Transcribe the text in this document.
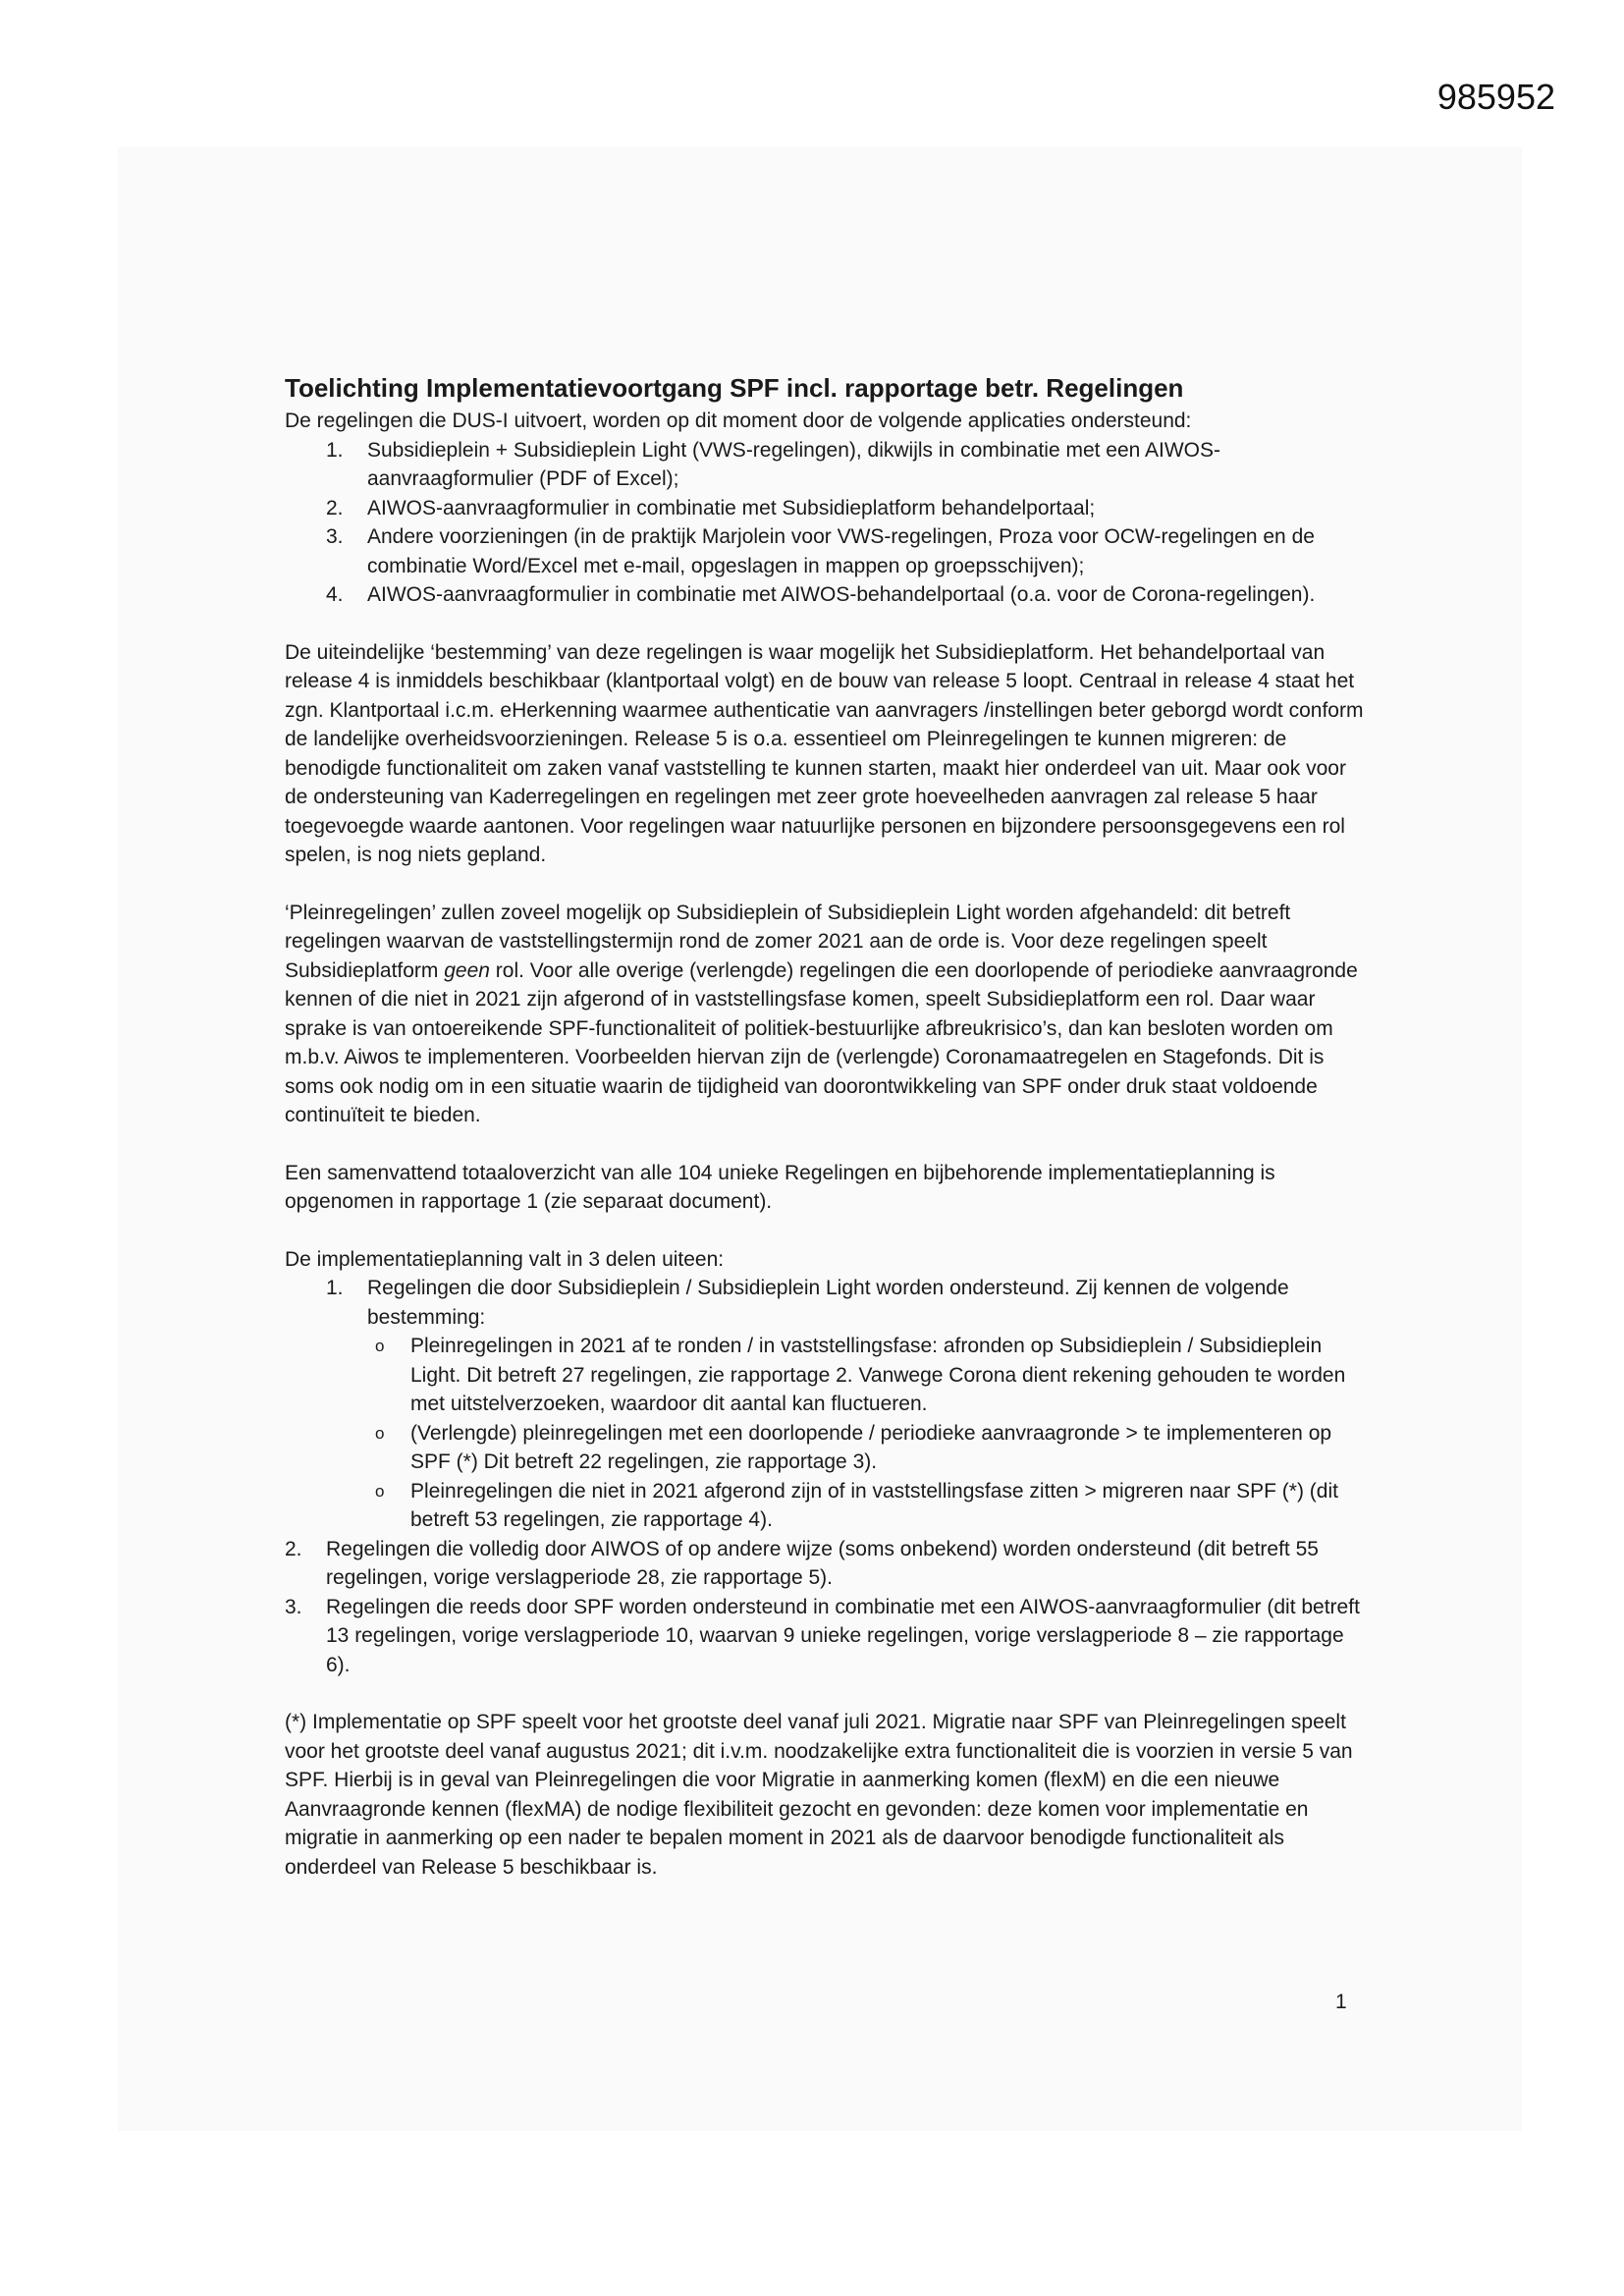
985952

Toelichting Implementatievoortgang SPF incl. rapportage betr. Regelingen

De regelingen die DUS-I uitvoert, worden op dit moment door de volgende applicaties ondersteund:

1.	Subsidieplein + Subsidieplein Light (VWS-regelingen), dikwijls in combinatie met een AIWOS-aanvraagformulier (PDF of Excel);
2.	AIWOS-aanvraagformulier in combinatie met Subsidieplatform behandelportaal;
3.	Andere voorzieningen (in de praktijk Marjolein voor VWS-regelingen, Proza voor OCW-regelingen en de combinatie Word/Excel met e-mail, opgeslagen in mappen op groepsschijven);
4.	AIWOS-aanvraagformulier in combinatie met AIWOS-behandelportaal (o.a. voor de Corona-regelingen).

De uiteindelijke ‘bestemming’ van deze regelingen is waar mogelijk het Subsidieplatform. Het behandelportaal van release 4 is inmiddels beschikbaar (klantportaal volgt) en de bouw van release 5 loopt. Centraal in release 4 staat het zgn. Klantportaal i.c.m. eHerkenning waarmee authenticatie van aanvragers /instellingen beter geborgd wordt conform de landelijke overheidsvoorzieningen. Release 5 is o.a. essentieel om Pleinregelingen te kunnen migreren: de benodigde functionaliteit om zaken vanaf vaststelling te kunnen starten, maakt hier onderdeel van uit. Maar ook voor de ondersteuning van Kaderregelingen en regelingen met zeer grote hoeveelheden aanvragen zal release 5 haar toegevoegde waarde aantonen. Voor regelingen waar natuurlijke personen en bijzondere persoonsgegevens een rol spelen, is nog niets gepland.

‘Pleinregelingen’ zullen zoveel mogelijk op Subsidieplein of Subsidieplein Light worden afgehandeld: dit betreft regelingen waarvan de vaststellingstermijn rond de zomer 2021 aan de orde is. Voor deze regelingen speelt Subsidieplatform geen rol. Voor alle overige (verlengde) regelingen die een doorlopende of periodieke aanvraagronde kennen of die niet in 2021 zijn afgerond of in vaststellingsfase komen, speelt Subsidieplatform een rol. Daar waar sprake is van ontoereikende SPF-functionaliteit of politiek-bestuurlijke afbreukrisico’s, dan kan besloten worden om m.b.v. Aiwos te implementeren. Voorbeelden hiervan zijn de (verlengde) Coronamaatregelen en Stagefonds. Dit is soms ook nodig om in een situatie waarin de tijdigheid van doorontwikkeling van SPF onder druk staat voldoende continuïteit te bieden.

Een samenvattend totaaloverzicht van alle 104 unieke Regelingen en bijbehorende implementatieplanning is opgenomen in rapportage 1 (zie separaat document).

De implementatieplanning valt in 3 delen uiteen:

1.	Regelingen die door Subsidieplein / Subsidieplein Light worden ondersteund. Zij kennen de volgende bestemming:
o	Pleinregelingen in 2021 af te ronden / in vaststellingsfase: afronden op Subsidieplein / Subsidieplein Light. Dit betreft 27 regelingen, zie rapportage 2. Vanwege Corona dient rekening gehouden te worden met uitstelverzoeken, waardoor dit aantal kan fluctueren.
o	(Verlengde) pleinregelingen met een doorlopende / periodieke aanvraagronde > te implementeren op SPF (*) Dit betreft 22 regelingen, zie rapportage 3).
o	Pleinregelingen die niet in 2021 afgerond zijn of in vaststellingsfase zitten > migreren naar SPF (*) (dit betreft 53 regelingen, zie rapportage 4).
2.	Regelingen die volledig door AIWOS of op andere wijze (soms onbekend) worden ondersteund (dit betreft 55 regelingen, vorige verslagperiode 28, zie rapportage 5).
3.	Regelingen die reeds door SPF worden ondersteund in combinatie met een AIWOS-aanvraagformulier (dit betreft 13 regelingen, vorige verslagperiode 10, waarvan 9 unieke regelingen, vorige verslagperiode 8 – zie rapportage 6).

(*) Implementatie op SPF speelt voor het grootste deel vanaf juli 2021. Migratie naar SPF van Pleinregelingen speelt voor het grootste deel vanaf augustus 2021; dit i.v.m. noodzakelijke extra functionaliteit die is voorzien in versie 5 van SPF. Hierbij is in geval van Pleinregelingen die voor Migratie in aanmerking komen (flexM) en die een nieuwe Aanvraagronde kennen (flexMA) de nodige flexibiliteit gezocht en gevonden: deze komen voor implementatie en migratie in aanmerking op een nader te bepalen moment in 2021 als de daarvoor benodigde functionaliteit als onderdeel van Release 5 beschikbaar is.

1
